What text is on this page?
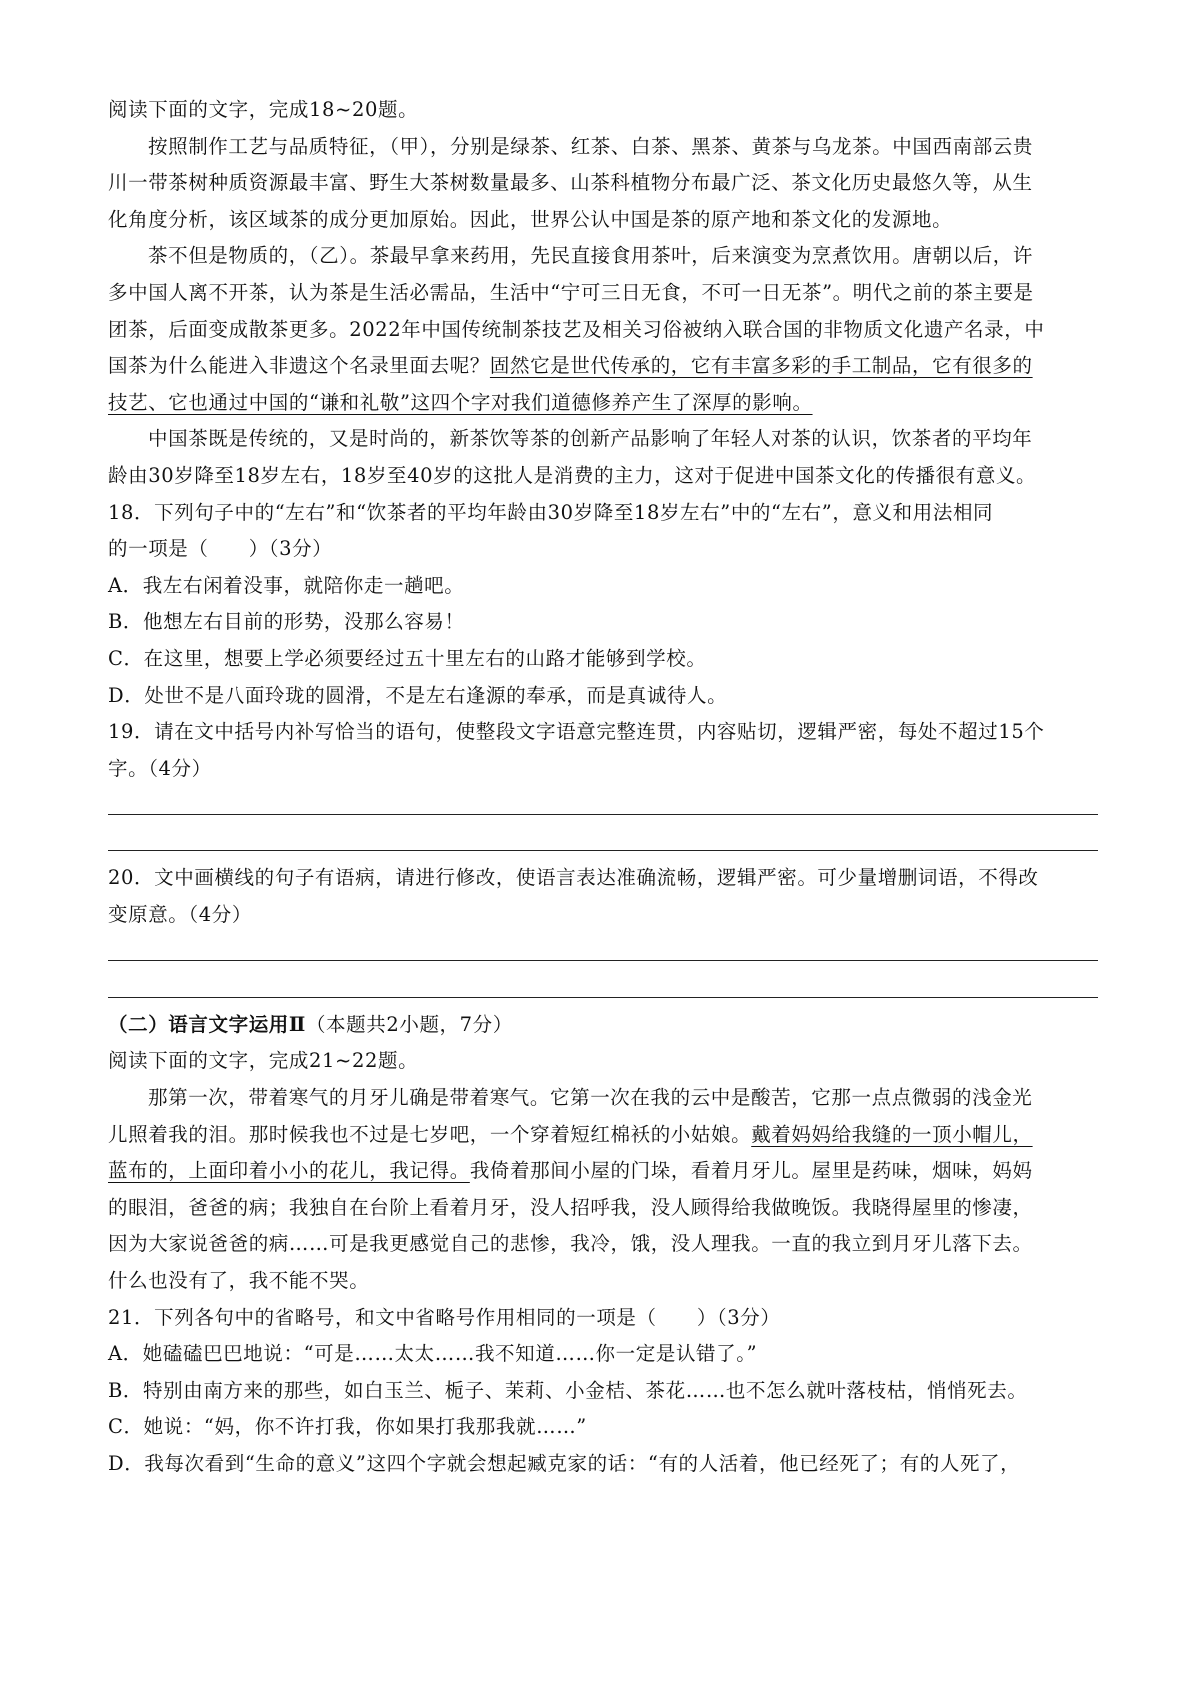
阅读下面的文字，完成18~20题。
按照制作工艺与品质特征，（甲），分别是绿茶、红茶、白茶、黑茶、黄茶与乌龙茶。中国西南部云贵
川一带茶树种质资源最丰富、野生大茶树数量最多、山茶科植物分布最广泛、茶文化历史最悠久等，从生
化角度分析，该区域茶的成分更加原始。因此，世界公认中国是茶的原产地和茶文化的发源地。
茶不但是物质的，（乙）。茶最早拿来药用，先民直接食用茶叶，后来演变为烹煮饮用。唐朝以后，许
多中国人离不开茶，认为茶是生活必需品，生活中“宁可三日无食，不可一日无茶”。明代之前的茶主要是
团茶，后面变成散茶更多。2022年中国传统制茶技艺及相关习俗被纳入联合国的非物质文化遗产名录，中
国茶为什么能进入非遗这个名录里面去呢？固然它是世代传承的，它有丰富多彩的手工制品，它有很多的
技艺、它也通过中国的“谦和礼敬”这四个字对我们道德修养产生了深厚的影响。
中国茶既是传统的，又是时尚的，新茶饮等茶的创新产品影响了年轻人对茶的认识，饮茶者的平均年
龄由30岁降至18岁左右，18岁至40岁的这批人是消费的主力，这对于促进中国茶文化的传播很有意义。
18．下列句子中的“左右”和“饮茶者的平均年龄由30岁降至18岁左右”中的“左右”，意义和用法相同
的一项是（　　）（3分）
A．我左右闲着没事，就陪你走一趟吧。
B．他想左右目前的形势，没那么容易！
C．在这里，想要上学必须要经过五十里左右的山路才能够到学校。
D．处世不是八面玲珑的圆滑，不是左右逢源的奉承，而是真诚待人。
19．请在文中括号内补写恰当的语句，使整段文字语意完整连贯，内容贴切，逻辑严密，每处不超过15个
字。（4分）
20．文中画横线的句子有语病，请进行修改，使语言表达准确流畅，逻辑严密。可少量增删词语，不得改
变原意。（4分）
（二）语言文字运用Ⅱ（本题共2小题，7分）
阅读下面的文字，完成21~22题。
那第一次，带着寒气的月牙儿确是带着寒气。它第一次在我的云中是酸苦，它那一点点微弱的浅金光
儿照着我的泪。那时候我也不过是七岁吧，一个穿着短红棉袄的小姑娘。戴着妈妈给我缝的一顶小帽儿，
蓝布的，上面印着小小的花儿，我记得。我倚着那间小屋的门垛，看着月牙儿。屋里是药味，烟味，妈妈
的眼泪，爸爸的病；我独自在台阶上看着月牙，没人招呼我，没人顾得给我做晚饭。我晓得屋里的惨凄，
因为大家说爸爸的病……可是我更感觉自己的悲惨，我冷，饿，没人理我。一直的我立到月牙儿落下去。
什么也没有了，我不能不哭。
21．下列各句中的省略号，和文中省略号作用相同的一项是（　　）（3分）
A．她磕磕巴巴地说：“可是……太太……我不知道……你一定是认错了。”
B．特别由南方来的那些，如白玉兰、栀子、茉莉、小金桔、茶花……也不怎么就叶落枝枯，悄悄死去。
C．她说：“妈，你不许打我，你如果打我那我就……”
D．我每次看到“生命的意义”这四个字就会想起臧克家的话：“有的人活着，他已经死了；有的人死了，
